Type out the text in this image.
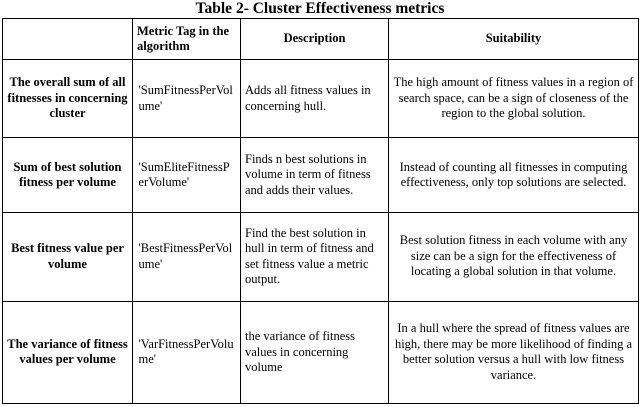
Table 2- Cluster Effectiveness metrics
	Metric Tag in the algorithm	Description	Suitability
The overall sum of all fitnesses in concerning cluster	'SumFitnessPerVolume'	Adds all fitness values in concerning hull.	The high amount of fitness values in a region of search space, can be a sign of closeness of the region to the global solution.
Sum of best solution fitness per volume	'SumEliteFitnessPerVolume'	Finds n best solutions in volume in term of fitness and adds their values.	Instead of counting all fitnesses in computing effectiveness, only top solutions are selected.
Best fitness value per volume	'BestFitnessPerVolume'	Find the best solution in hull in term of fitness and set fitness value a metric output.	Best solution fitness in each volume with any size can be a sign for the effectiveness of locating a global solution in that volume.
The variance of fitness values per volume	'VarFitnessPerVolume'	the variance of fitness values in concerning volume	In a hull where the spread of fitness values are high, there may be more likelihood of finding a better solution versus a hull with low fitness variance.
